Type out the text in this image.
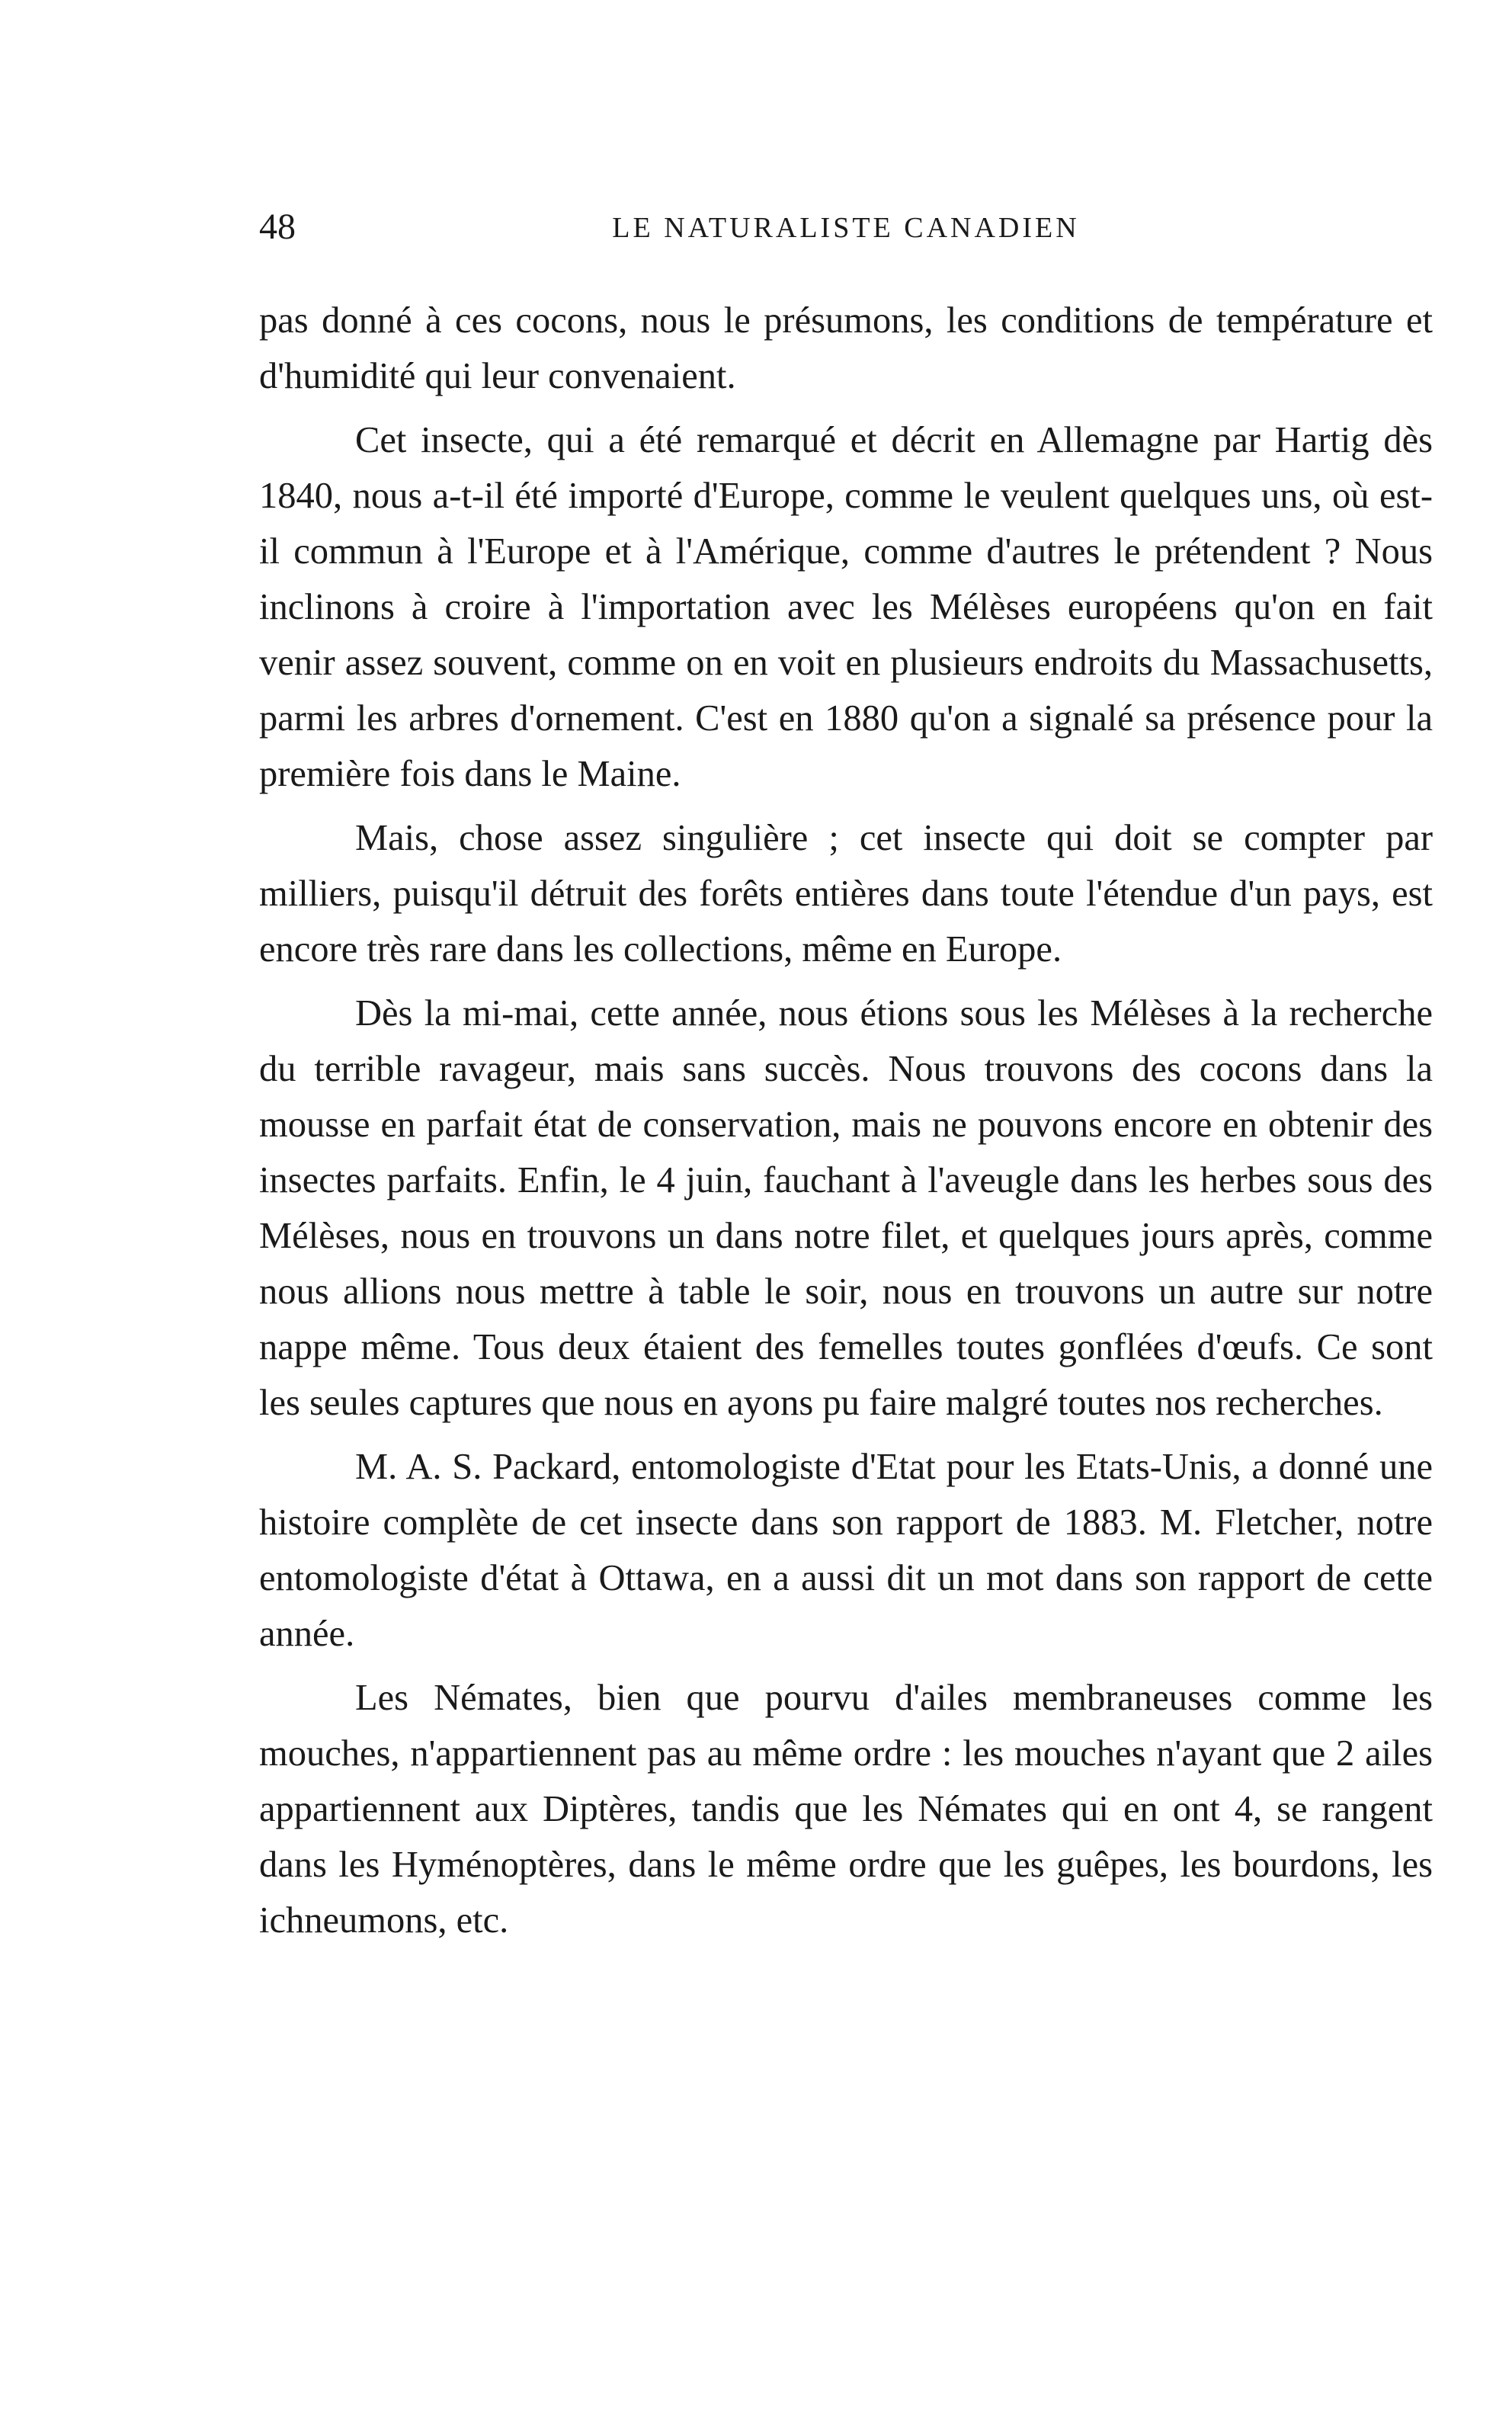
48	LE NATURALISTE CANADIEN

pas donné à ces cocons, nous le présumons, les conditions de température et d'humidité qui leur convenaient.

Cet insecte, qui a été remarqué et décrit en Allemagne par Hartig dès 1840, nous a-t-il été importé d'Europe, comme le veulent quelques uns, où est-il commun à l'Europe et à l'Amérique, comme d'autres le prétendent ? Nous inclinons à croire à l'importation avec les Mélèses européens qu'on en fait venir assez souvent, comme on en voit en plusieurs endroits du Massachusetts, parmi les arbres d'ornement. C'est en 1880 qu'on a signalé sa présence pour la première fois dans le Maine.

Mais, chose assez singulière ; cet insecte qui doit se compter par milliers, puisqu'il détruit des forêts entières dans toute l'étendue d'un pays, est encore très rare dans les collections, même en Europe.

Dès la mi-mai, cette année, nous étions sous les Mélèses à la recherche du terrible ravageur, mais sans succès. Nous trouvons des cocons dans la mousse en parfait état de conservation, mais ne pouvons encore en obtenir des insectes parfaits. Enfin, le 4 juin, fauchant à l'aveugle dans les herbes sous des Mélèses, nous en trouvons un dans notre filet, et quelques jours après, comme nous allions nous mettre à table le soir, nous en trouvons un autre sur notre nappe même. Tous deux étaient des femelles toutes gonflées d'œufs. Ce sont les seules captures que nous en ayons pu faire malgré toutes nos recherches.

M. A. S. Packard, entomologiste d'Etat pour les Etats-Unis, a donné une histoire complète de cet insecte dans son rapport de 1883. M. Fletcher, notre entomologiste d'état à Ottawa, en a aussi dit un mot dans son rapport de cette année.

Les Némates, bien que pourvu d'ailes membraneuses comme les mouches, n'appartiennent pas au même ordre : les mouches n'ayant que 2 ailes appartiennent aux Diptères, tandis que les Némates qui en ont 4, se rangent dans les Hyménoptères, dans le même ordre que les guêpes, les bourdons, les ichneumons, etc.
